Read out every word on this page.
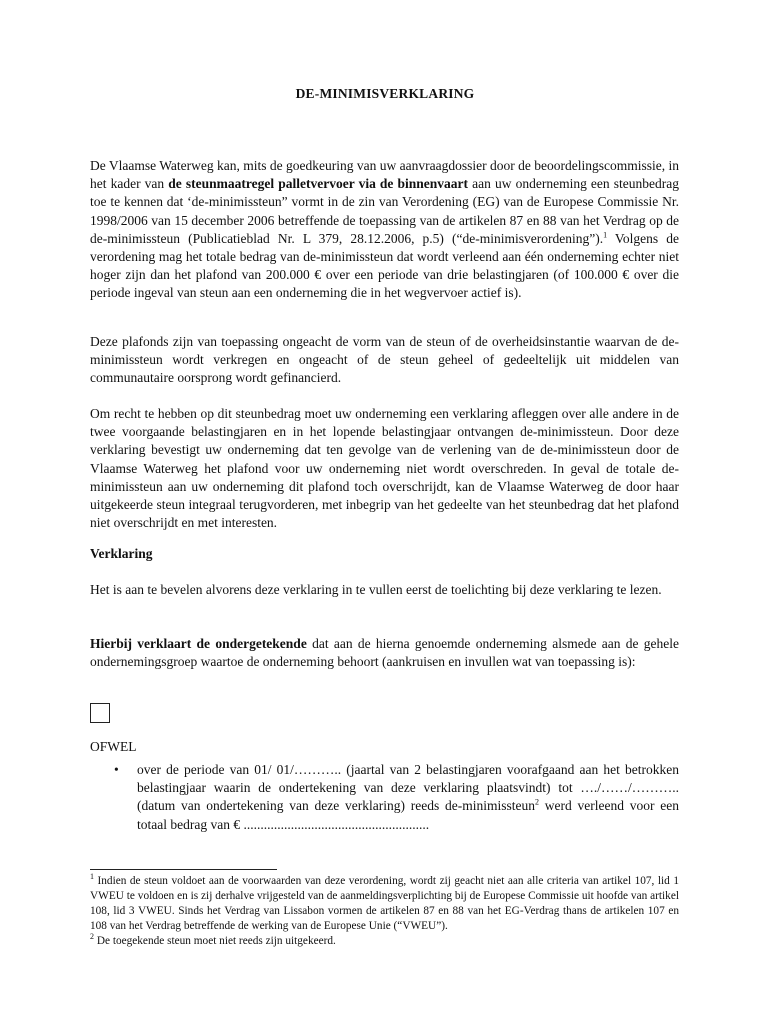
DE-MINIMISVERKLARING

De Vlaamse Waterweg kan, mits de goedkeuring van uw aanvraagdossier door de beoordelingscommissie, in het kader van de steunmaatregel palletvervoer via de binnenvaart aan uw onderneming een steunbedrag toe te kennen dat ‘de-minimissteun” vormt in de zin van Verordening (EG) van de Europese Commissie Nr. 1998/2006 van 15 december 2006 betreffende de toepassing van de artikelen 87 en 88 van het Verdrag op de de-minimissteun (Publicatieblad Nr. L 379, 28.12.2006, p.5) (“de-minimisverordening”).$^1$ Volgens de verordening mag het totale bedrag van de-minimissteun dat wordt verleend aan één onderneming echter niet hoger zijn dan het plafond van 200.000 € over een periode van drie belastingjaren (of 100.000 € over die periode ingeval van steun aan een onderneming die in het wegvervoer actief is).

Deze plafonds zijn van toepassing ongeacht de vorm van de steun of de overheidsinstantie waarvan de de-minimissteun wordt verkregen en ongeacht of de steun geheel of gedeeltelijk uit middelen van communautaire oorsprong wordt gefinancierd.

Om recht te hebben op dit steunbedrag moet uw onderneming een verklaring afleggen over alle andere in de twee voorgaande belastingjaren en in het lopende belastingjaar ontvangen de-minimissteun. Door deze verklaring bevestigt uw onderneming dat ten gevolge van de verlening van de de-minimissteun door de Vlaamse Waterweg het plafond voor uw onderneming niet wordt overschreden. In geval de totale de-minimissteun aan uw onderneming dit plafond toch overschrijdt, kan de Vlaamse Waterweg de door haar uitgekeerde steun integraal terugvorderen, met inbegrip van het gedeelte van het steunbedrag dat het plafond niet overschrijdt en met interesten.

Verklaring

Het is aan te bevelen alvorens deze verklaring in te vullen eerst de toelichting bij deze verklaring te lezen.

Hierbij verklaart de ondergetekende dat aan de hierna genoemde onderneming alsmede aan de gehele ondernemingsgroep waartoe de onderneming behoort (aankruisen en invullen wat van toepassing is):

OFWEL

• over de periode van 01/ 01/……….. (jaartal van 2 belastingjaren voorafgaand aan het betrokken belastingjaar waarin de ondertekening van deze verklaring plaatsvindt) tot …./……/……….. (datum van ondertekening van deze verklaring) reeds de-minimissteun$^2$ werd verleend voor een totaal bedrag van € .......................................................

$^1$ Indien de steun voldoet aan de voorwaarden van deze verordening, wordt zij geacht niet aan alle criteria van artikel 107, lid 1 VWEU te voldoen en is zij derhalve vrijgesteld van de aanmeldingsverplichting bij de Europese Commissie uit hoofde van artikel 108, lid 3 VWEU. Sinds het Verdrag van Lissabon vormen de artikelen 87 en 88 van het EG-Verdrag thans de artikelen 107 en 108 van het Verdrag betreffende de werking van de Europese Unie (“VWEU”).

$^2$ De toegekende steun moet niet reeds zijn uitgekeerd.
